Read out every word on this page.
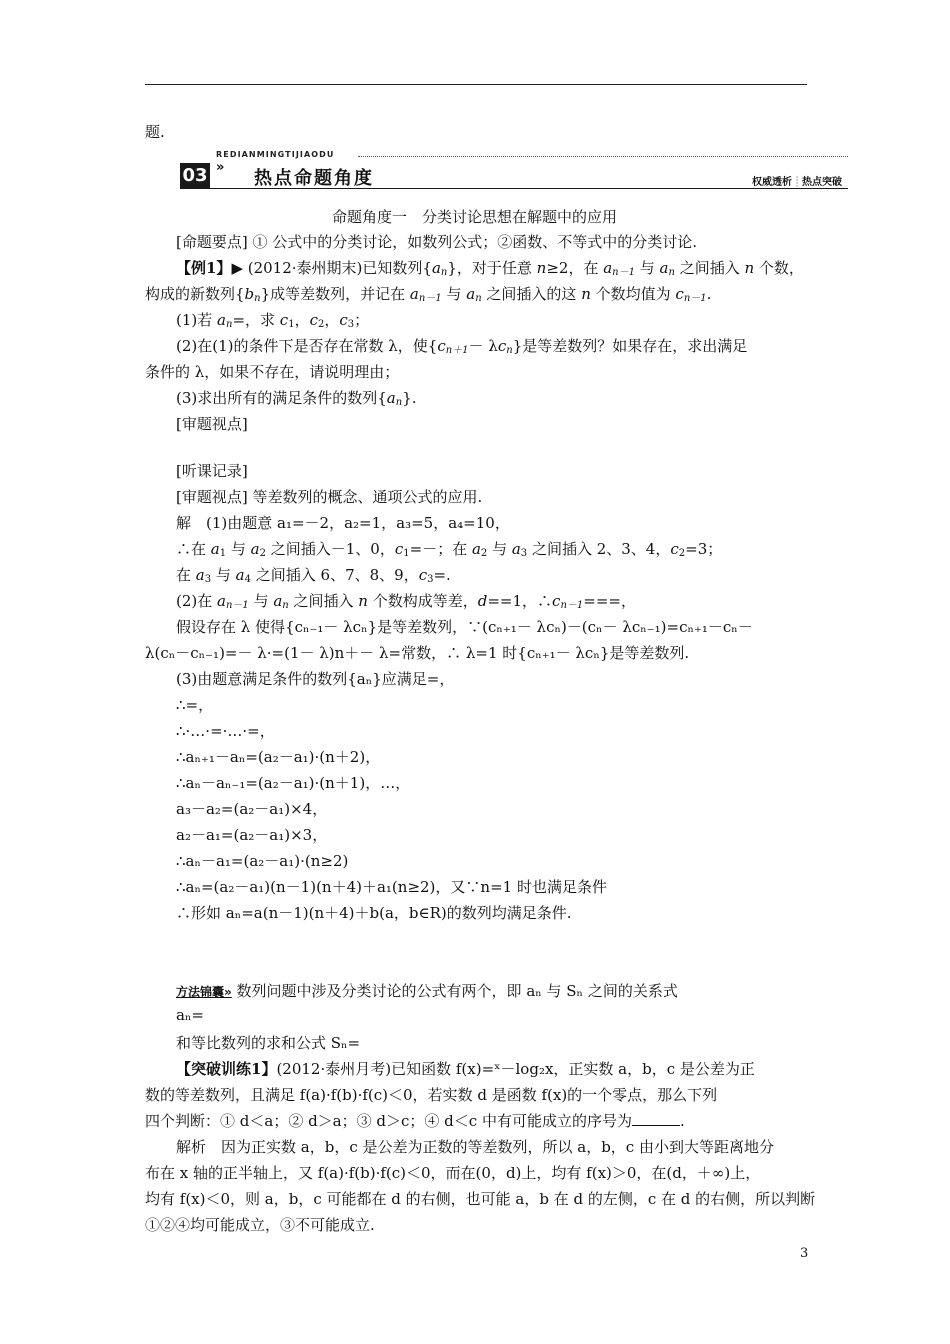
题.
REDIANMINGTIJIAODU
03 »
热点命题角度	权威透析 ┊ 热点突破
命题角度一　分类讨论思想在解题中的应用
[命题要点] ① 公式中的分类讨论，如数列公式；②函数、不等式中的分类讨论.
【例1】▶ (2012·泰州期末)已知数列$\{a_n\}$，对于任意 n≥2，在 $a_{n-1}$ 与 $a_n$ 之间插入 n 个数，
构成的新数列$\{b_n\}$成等差数列，并记在 $a_{n-1}$ 与 $a_n$ 之间插入的这 n 个数均值为 $c_{n-1}$.
(1)若 $a_n=$，求 $c_1$，$c_2$，$c_3$；
(2)在(1)的条件下是否存在常数 λ，使$\{c_{n+1}- \lambda c_n\}$是等差数列？如果存在，求出满足
条件的 λ，如果不存在，请说明理由；
(3)求出所有的满足条件的数列$\{a_n\}$.
[审题视点]
[听课记录]
[审题视点] 等差数列的概念、通项公式的应用.
解　(1)由题意 a₁=－2，a₂=1，a₃=5，a₄=10，
∴在 $a_1$ 与 $a_2$ 之间插入－1、0，$c_1=-$；在 $a_2$ 与 $a_3$ 之间插入 2、3、4，$c_2=3$；
在 $a_3$ 与 $a_4$ 之间插入 6、7、8、9，$c_3=$.
(2)在 $a_{n-1}$ 与 $a_n$ 之间插入 n 个数构成等差，d==1，$\therefore c_{n-1}===$，
假设存在 λ 使得{cₙ₋₁－ λcₙ}是等差数列，∵(cₙ₊₁－ λcₙ)－(cₙ－ λcₙ₋₁)=cₙ₊₁－cₙ－
λ(cₙ－cₙ₋₁)=－ λ·=(1－ λ)n＋－ λ=常数，∴ λ=1 时{cₙ₊₁－ λcₙ}是等差数列.
(3)由题意满足条件的数列{aₙ}应满足=，
∴=，
∴·…·=·…·=，
∴aₙ₊₁－aₙ=(a₂－a₁)·(n＋2)，
∴aₙ－aₙ₋₁=(a₂－a₁)·(n＋1)，…，
a₃－a₂=(a₂－a₁)×4，
a₂－a₁=(a₂－a₁)×3，
∴aₙ－a₁=(a₂－a₁)·(n≥2)
∴aₙ=(a₂－a₁)(n－1)(n＋4)＋a₁(n≥2)，又∵n=1 时也满足条件
∴形如 aₙ=a(n－1)(n＋4)＋b(a，b∈R)的数列均满足条件.
方法锦囊» 数列问题中涉及分类讨论的公式有两个，即 aₙ 与 Sₙ 之间的关系式
aₙ=
和等比数列的求和公式 Sₙ=
【突破训练1】(2012·泰州月考)已知函数 f(x)=ˣ－log₂x，正实数 a，b，c 是公差为正
数的等差数列，且满足 f(a)·f(b)·f(c)＜0，若实数 d 是函数 f(x)的一个零点，那么下列
四个判断：① d＜a；② d＞a；③ d＞c；④ d＜c 中有可能成立的序号为	.
解析　因为正实数 a，b，c 是公差为正数的等差数列，所以 a，b，c 由小到大等距离地分
布在 x 轴的正半轴上，又 f(a)·f(b)·f(c)＜0，而在(0，d)上，均有 f(x)＞0，在(d，＋∞)上，
均有 f(x)＜0，则 a，b，c 可能都在 d 的右侧，也可能 a，b 在 d 的左侧，c 在 d 的右侧，所以判断
①②④均可能成立，③不可能成立.
3
